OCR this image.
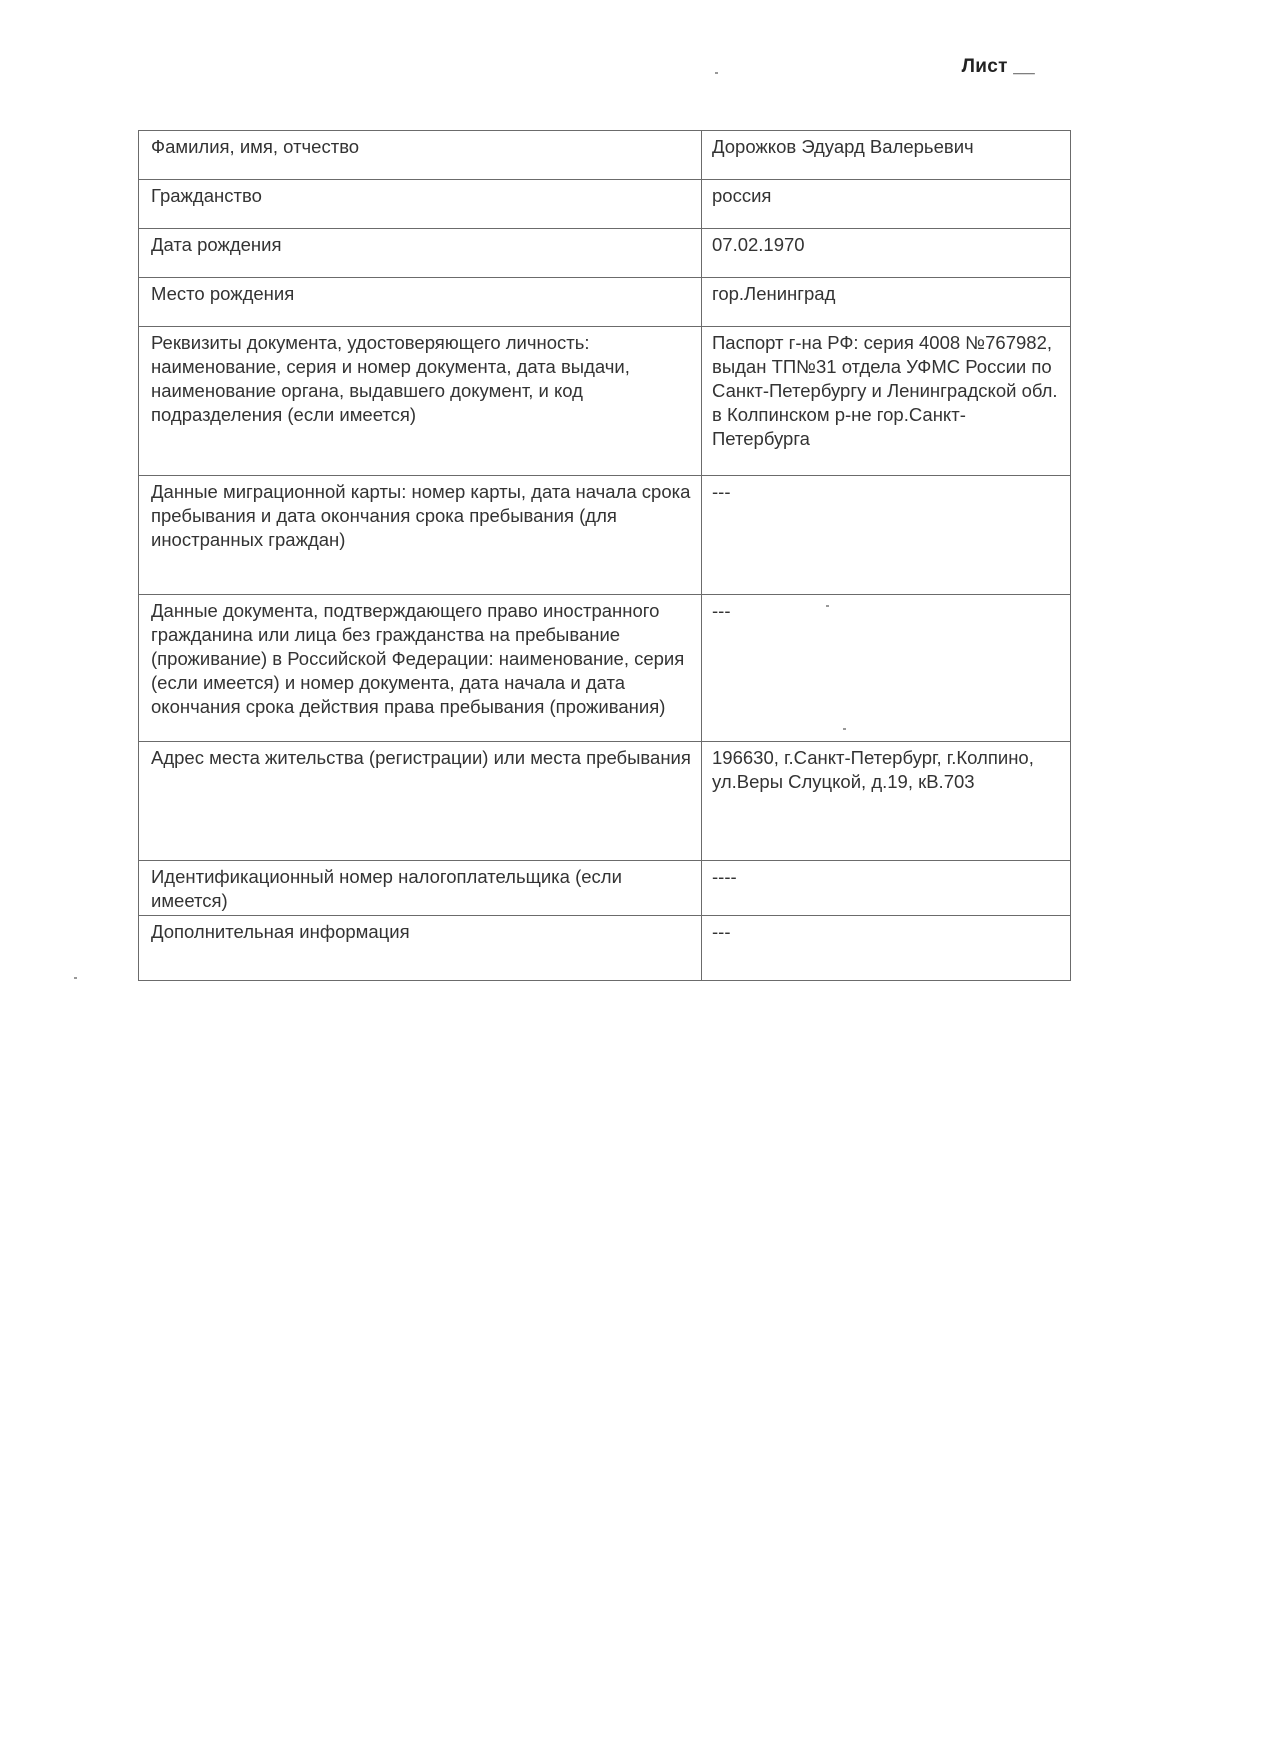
Лист __
Фамилия, имя, отчество	Дорожков Эдуард Валерьевич
Гражданство	россия
Дата рождения	07.02.1970
Место рождения	гор.Ленинград
Реквизиты документа, удостоверяющего личность: наименование, серия и номер документа, дата выдачи, наименование органа, выдавшего документ, и код подразделения (если имеется)	Паспорт г-на РФ: серия 4008 №767982, выдан ТП№31 отдела УФМС России по Санкт-Петербургу и Ленинградской обл. в Колпинском р-не гор.Санкт-Петербурга
Данные миграционной карты: номер карты, дата начала срока пребывания и дата окончания срока пребывания (для иностранных граждан)	---
Данные документа, подтверждающего право иностранного гражданина или лица без гражданства на пребывание (проживание) в Российской Федерации: наименование, серия (если имеется) и номер документа, дата начала и дата окончания срока действия права пребывания (проживания)	---
Адрес места жительства (регистрации) или места пребывания	196630, г.Санкт-Петербург, г.Колпино, ул.Веры Слуцкой, д.19, кВ.703
Идентификационный номер налогоплательщика (если имеется)	----
Дополнительная информация	---
